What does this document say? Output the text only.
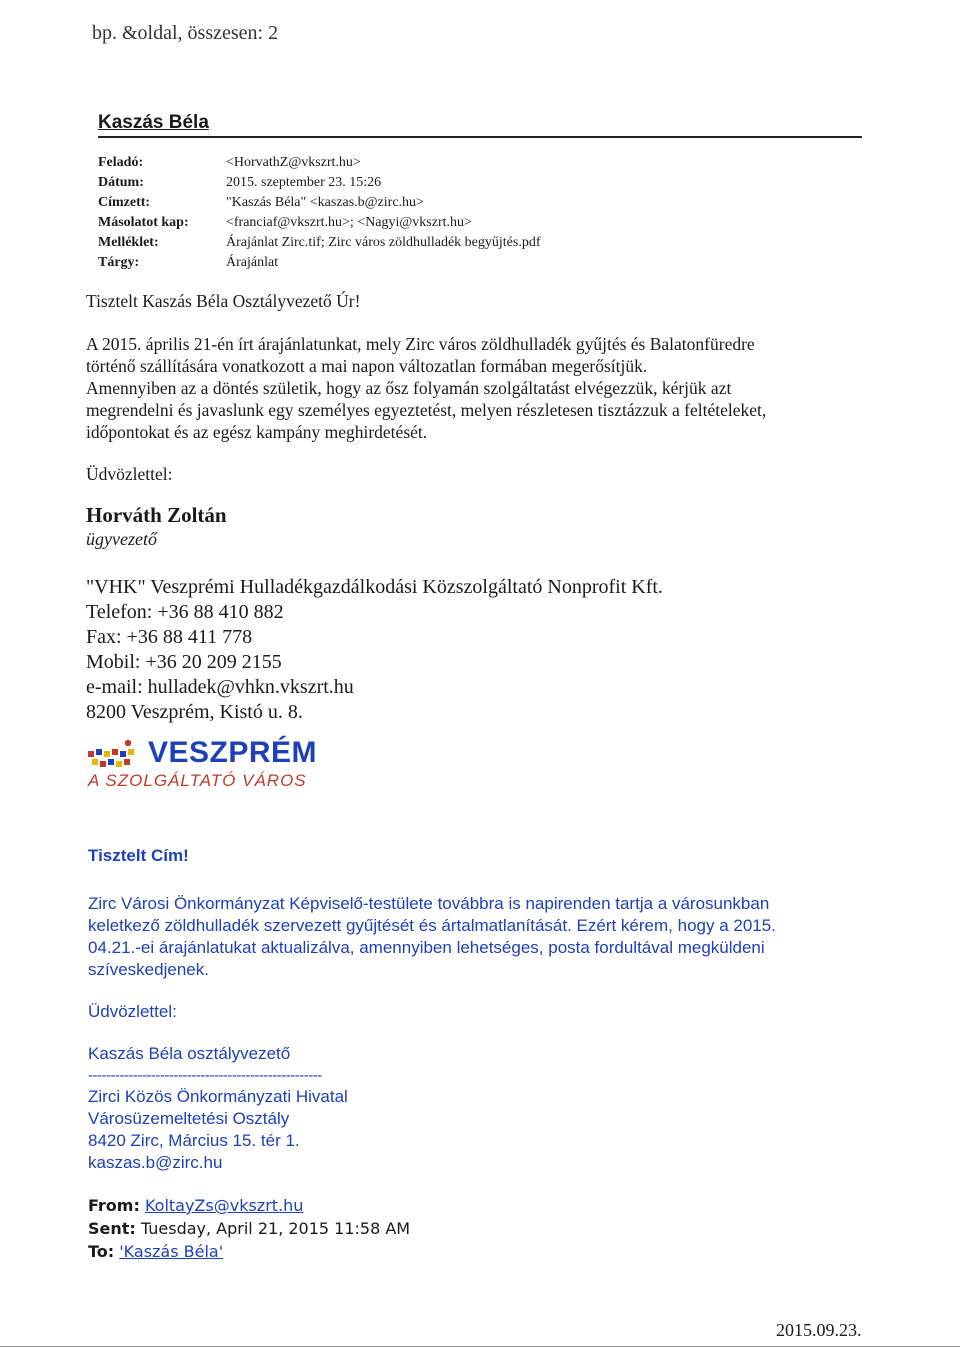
bp. &oldal, összesen: 2
Kaszás Béla
Feladó:	<HorvathZ@vkszrt.hu>
Dátum:	2015. szeptember 23. 15:26
Címzett:	"Kaszás Béla" <kaszas.b@zirc.hu>
Másolatot kap:	<franciaf@vkszrt.hu>; <Nagyi@vkszrt.hu>
Melléklet:	Árajánlat Zirc.tif; Zirc város zöldhulladék begyűjtés.pdf
Tárgy:	Árajánlat
Tisztelt Kaszás Béla Osztályvezető Úr!
A 2015. április 21-én írt árajánlatunkat, mely Zirc város zöldhulladék gyűjtés és Balatonfüredre
történő szállítására vonatkozott a mai napon változatlan formában megerősítjük.
Amennyiben az a döntés születik, hogy az ősz folyamán szolgáltatást elvégezzük, kérjük azt
megrendelni és javaslunk egy személyes egyeztetést, melyen részletesen tisztázzuk a feltételeket,
időpontokat és az egész kampány meghirdetését.
Üdvözlettel:
Horváth Zoltán
ügyvezető
"VHK" Veszprémi Hulladékgazdálkodási Közszolgáltató Nonprofit Kft.
Telefon: +36 88 410 882
Fax: +36 88 411 778
Mobil: +36 20 209 2155
e-mail: hulladek@vhkn.vkszrt.hu
8200 Veszprém, Kistó u. 8.
VESZPRÉM
A SZOLGÁLTATÓ VÁROS
Tisztelt Cím!
Zirc Városi Önkormányzat Képviselő-testülete továbbra is napirenden tartja a városunkban
keletkező zöldhulladék szervezett gyűjtését és ártalmatlanítását. Ezért kérem, hogy a 2015.
04.21.-ei árajánlatukat aktualizálva, amennyiben lehetséges, posta fordultával megküldeni
szíveskedjenek.
Üdvözlettel:
Kaszás Béla osztályvezető
----------------------------------------------------
Zirci Közös Önkormányzati Hivatal
Városüzemeltetési Osztály
8420 Zirc, Március 15. tér 1.
kaszas.b@zirc.hu
From: KoltayZs@vkszrt.hu
Sent: Tuesday, April 21, 2015 11:58 AM
To: 'Kaszás Béla'
2015.09.23.
